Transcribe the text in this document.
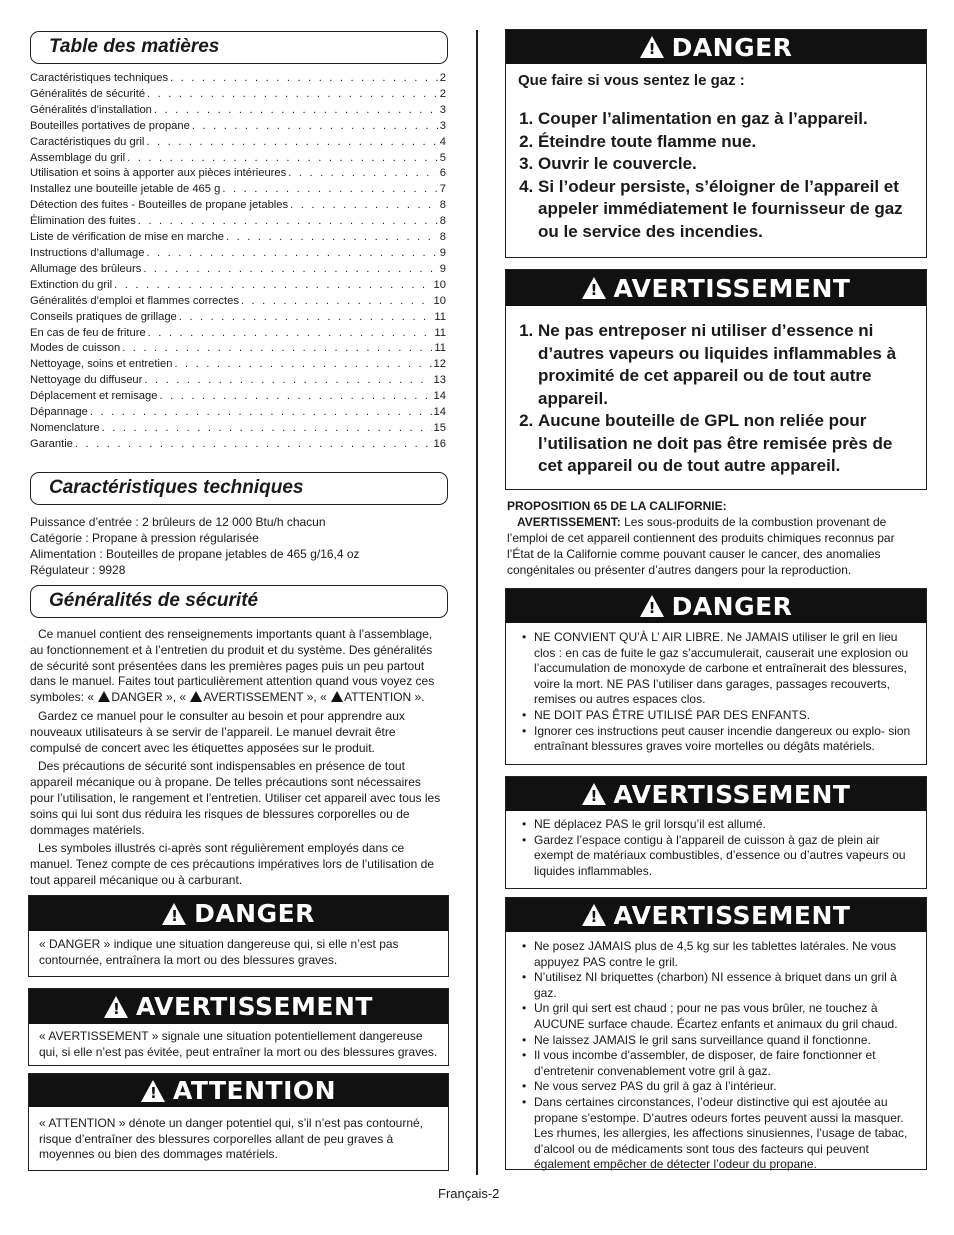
Table des matières
Caractéristiques techniques . . .	2
Généralités de sécurité . . .	2
Généralités d’installation . . .	3
Bouteilles portatives de propane . . .	3
Caractéristiques du gril . . .	4
Assemblage du gril . . .	5
Utilisation et soins à apporter aux pièces intérieures . . .	6
Installez une bouteille jetable de 465 g . . .	7
Détection des fuites - Bouteilles de propane jetables . . .	8
Élimination des fuites . . .	8
Liste de vérification de mise en marche . . .	8
Instructions d’allumage . . .	9
Allumage des brûleurs . . .	9
Extinction du gril . . .	10
Généralités d’emploi et flammes correctes . . .	10
Conseils pratiques de grillage . . .	11
En cas de feu de friture . . .	11
Modes de cuisson . . .	11
Nettoyage, soins et entretien . . .	12
Nettoyage du diffuseur . . .	13
Déplacement et remisage . . .	14
Dépannage . . .	14
Nomenclature . . .	15
Garantie . . .	16
Caractéristiques techniques
Puissance d’entrée : 2 brûleurs de 12 000 Btu/h chacun
Catégorie : Propane à pression régularisée
Alimentation : Bouteilles de propane jetables de 465 g/16,4 oz
Régulateur : 9928
Généralités de sécurité

Ce manuel contient des renseignements importants quant à l’assemblage, au fonctionnement et à l’entretien du produit et du système. Des généralités de sécurité sont présentées dans les premières pages puis un peu partout dans le manuel. Faites tout particulièrement attention quand vous voyez ces symboles: « DANGER », « AVERTISSEMENT », « ATTENTION ».

Gardez ce manuel pour le consulter au besoin et pour apprendre aux nouveaux utilisateurs à se servir de l’appareil. Le manuel devrait être compulsé de concert avec les étiquettes apposées sur le produit.

Des précautions de sécurité sont indispensables en présence de tout appareil mécanique ou à propane. De telles précautions sont nécessaires pour l’utilisation, le rangement et l’entretien. Utiliser cet appareil avec tous les soins qui lui sont dus réduira les risques de blessures corporelles ou de dommages matériels.

Les symboles illustrés ci-après sont régulièrement employés dans ce manuel. Tenez compte de ces précautions impératives lors de l’utilisation de tout appareil mécanique ou à carburant.

!
DANGER
« DANGER » indique une situation dangereuse qui, si elle n’est pas contournée, entraînera la mort ou des blessures graves.
!
AVERTISSEMENT
« AVERTISSEMENT » signale une situation potentiellement dangereuse qui, si elle n’est pas évitée, peut entraîner la mort ou des blessures graves.
!
ATTENTION
« ATTENTION » dénote un danger potentiel qui, s’il n’est pas contourné, risque d’entraîner des blessures corporelles allant de peu graves à moyennes ou bien des dommages matériels.
!
DANGER
Que faire si vous sentez le gaz :
1. Couper l’alimentation en gaz à l’appareil.
2. Éteindre toute flamme nue.
3. Ouvrir le couvercle.
4. Si l’odeur persiste, s’éloigner de l’appareil et appeler immédiatement le fournisseur de gaz ou le service des incendies.
!
AVERTISSEMENT
1. Ne pas entreposer ni utiliser d’essence ni d’autres vapeurs ou liquides inflammables à proximité de cet appareil ou de tout autre appareil.
2. Aucune bouteille de GPL non reliée pour l’utilisation ne doit pas être remisée près de cet appareil ou de tout autre appareil.
PROPOSITION 65 DE LA CALIFORNIE:
AVERTISSEMENT: Les sous-produits de la combustion provenant de l’emploi de cet appareil contiennent des produits chimiques reconnus par l’État de la Californie comme pouvant causer le cancer, des anomalies congénitales ou présenter d’autres dangers pour la reproduction.
!
DANGER
• NE CONVIENT QU’À L’ AIR LIBRE. Ne JAMAIS utiliser le gril en lieu clos : en cas de fuite le gaz s’accumulerait, causerait une explosion ou l’accumulation de monoxyde de carbone et entraînerait des blessures, voire la mort. NE PAS l’utiliser dans garages, passages recouverts, remises ou autres espaces clos.
• NE DOIT PAS ÊTRE UTILISÉ PAR DES ENFANTS.
• Ignorer ces instructions peut causer incendie dangereux ou explo- sion entraînant blessures graves voire mortelles ou dégâts matériels.
!
AVERTISSEMENT
• NE déplacez PAS le gril lorsqu’il est allumé.
• Gardez l’espace contigu à l’appareil de cuisson à gaz de plein air exempt de matériaux combustibles, d’essence ou d’autres vapeurs ou liquides inflammables.
!
AVERTISSEMENT
• Ne posez JAMAIS plus de 4,5 kg sur les tablettes latérales. Ne vous appuyez PAS contre le gril.
• N’utilisez NI briquettes (charbon) NI essence à briquet dans un gril à gaz.
• Un gril qui sert est chaud ; pour ne pas vous brûler, ne touchez à AUCUNE surface chaude. Écartez enfants et animaux du gril chaud.
• Ne laissez JAMAIS le gril sans surveillance quand il fonctionne.
• Il vous incombe d’assembler, de disposer, de faire fonctionner et d’entretenir convenablement votre gril à gaz.
• Ne vous servez PAS du gril à gaz à l’intérieur.
• Dans certaines circonstances, l’odeur distinctive qui est ajoutée au propane s’estompe. D’autres odeurs fortes peuvent aussi la masquer. Les rhumes, les allergies, les affections sinusiennes, l’usage de tabac, d’alcool ou de médicaments sont tous des facteurs qui peuvent également empêcher de détecter l’odeur du propane.
Français-2
